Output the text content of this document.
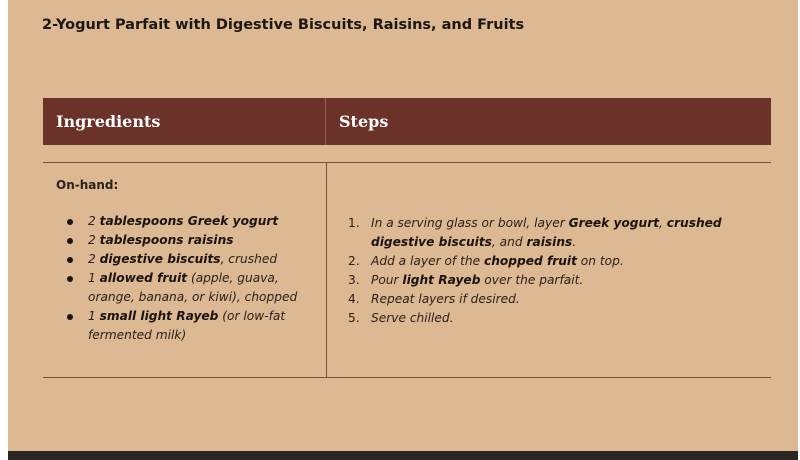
2-Yogurt Parfait with Digestive Biscuits, Raisins, and Fruits
Ingredients	Steps
On-hand:
2 tablespoons Greek yogurt
2 tablespoons raisins
2 digestive biscuits, crushed
1 allowed fruit (apple, guava, orange, banana, or kiwi), chopped
1 small light Rayeb (or low-fat fermented milk)
1. In a serving glass or bowl, layer Greek yogurt, crushed digestive biscuits, and raisins.
2. Add a layer of the chopped fruit on top.
3. Pour light Rayeb over the parfait.
4. Repeat layers if desired.
5. Serve chilled.
